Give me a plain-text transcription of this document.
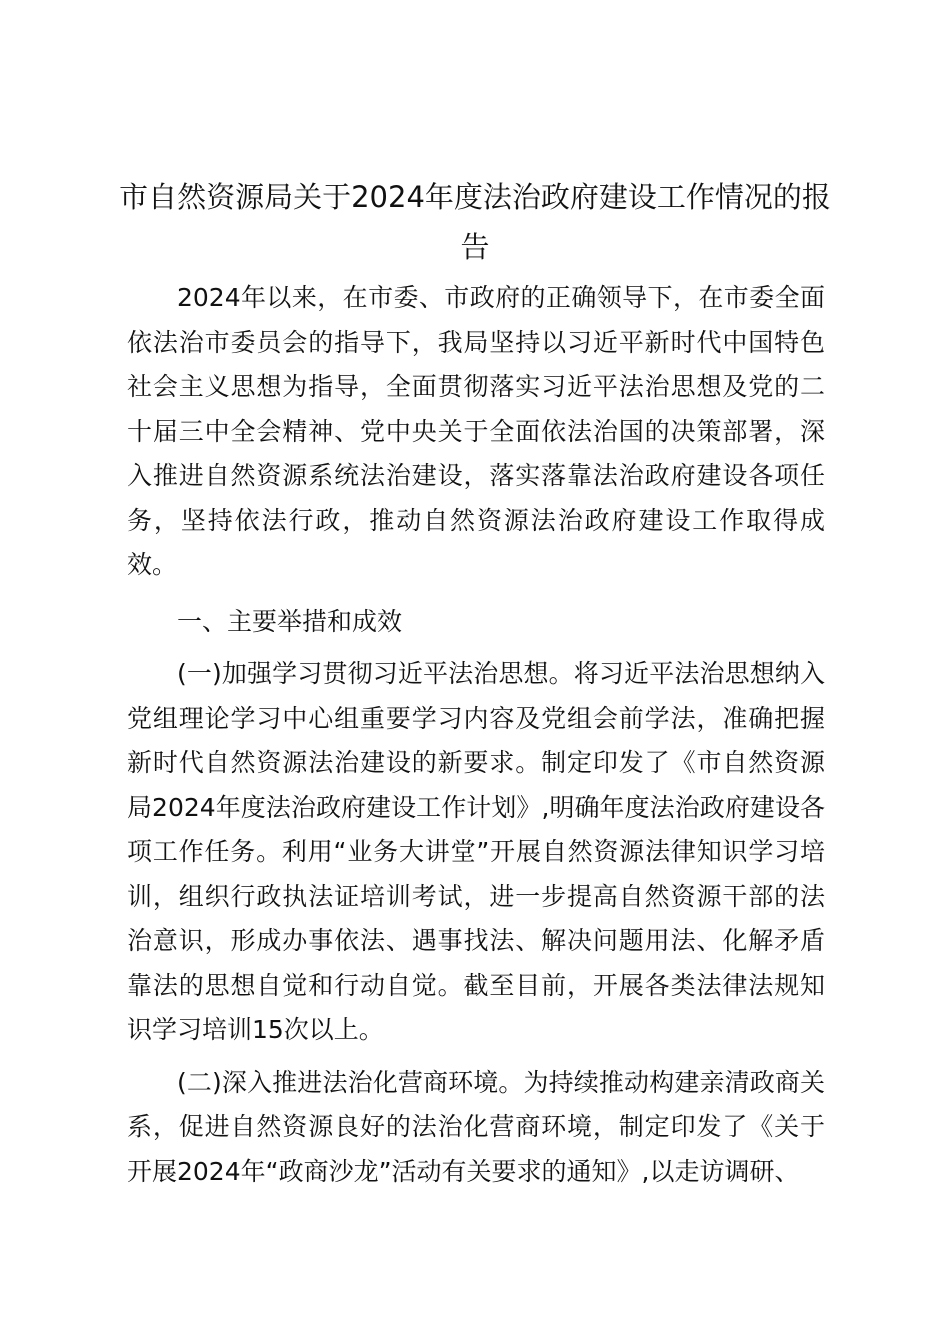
市自然资源局关于2024年度法治政府建设工作情况的报告

2024年以来，在市委、市政府的正确领导下，在市委全面依法治市委员会的指导下，我局坚持以习近平新时代中国特色社会主义思想为指导，全面贯彻落实习近平法治思想及党的二十届三中全会精神、党中央关于全面依法治国的决策部署，深入推进自然资源系统法治建设，落实落靠法治政府建设各项任务，坚持依法行政，推动自然资源法治政府建设工作取得成效。

一、主要举措和成效

(一)加强学习贯彻习近平法治思想。将习近平法治思想纳入党组理论学习中心组重要学习内容及党组会前学法，准确把握新时代自然资源法治建设的新要求。制定印发了《市自然资源局2024年度法治政府建设工作计划》,明确年度法治政府建设各项工作任务。利用“业务大讲堂”开展自然资源法律知识学习培训，组织行政执法证培训考试，进一步提高自然资源干部的法治意识，形成办事依法、遇事找法、解决问题用法、化解矛盾靠法的思想自觉和行动自觉。截至目前，开展各类法律法规知识学习培训15次以上。

(二)深入推进法治化营商环境。为持续推动构建亲清政商关系，促进自然资源良好的法治化营商环境，制定印发了《关于开展2024年“政商沙龙”活动有关要求的通知》,以走访调研、
